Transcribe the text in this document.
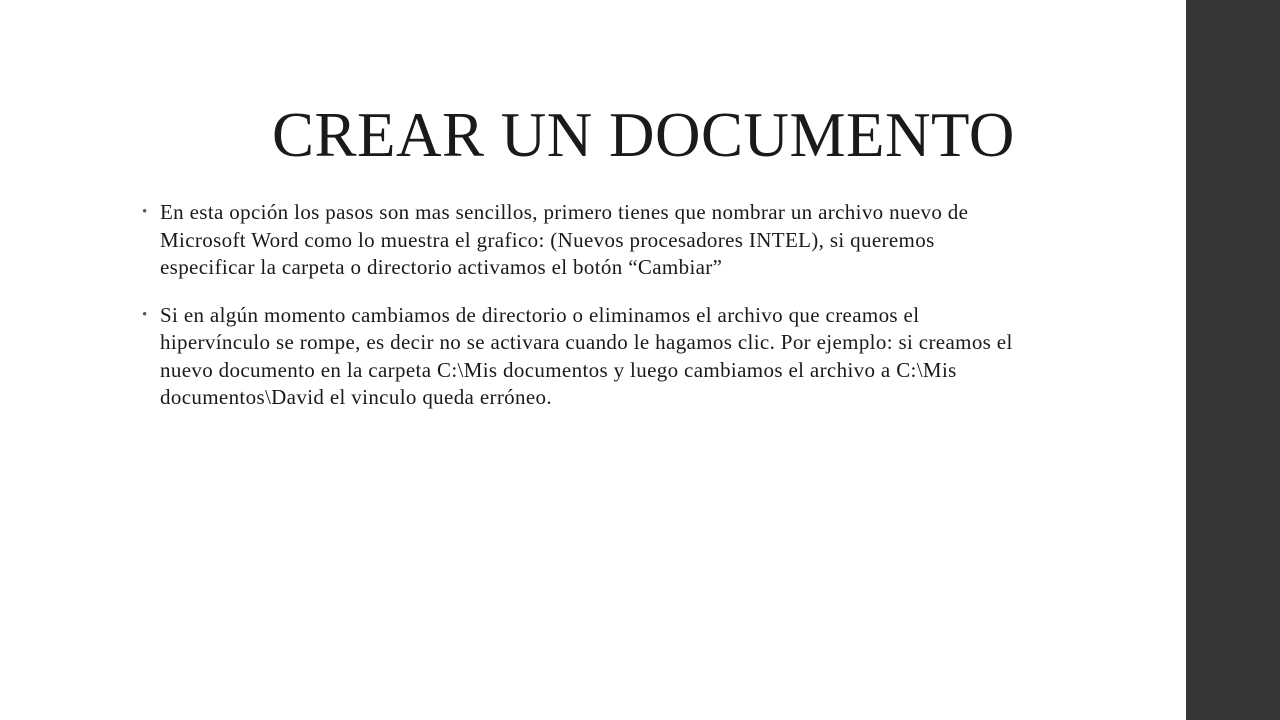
CREAR UN DOCUMENTO
• En esta opción los pasos son mas sencillos, primero tienes que nombrar un archivo nuevo de Microsoft Word como lo muestra el grafico: (Nuevos procesadores INTEL), si queremos especificar la carpeta o directorio activamos el botón “Cambiar”
• Si en algún momento cambiamos de directorio o eliminamos el archivo que creamos el hipervínculo se rompe, es decir no se activara cuando le hagamos clic. Por ejemplo: si creamos el nuevo documento en la carpeta C:\Mis documentos y luego cambiamos el archivo a C:\Mis documentos\David el vinculo queda erróneo.
